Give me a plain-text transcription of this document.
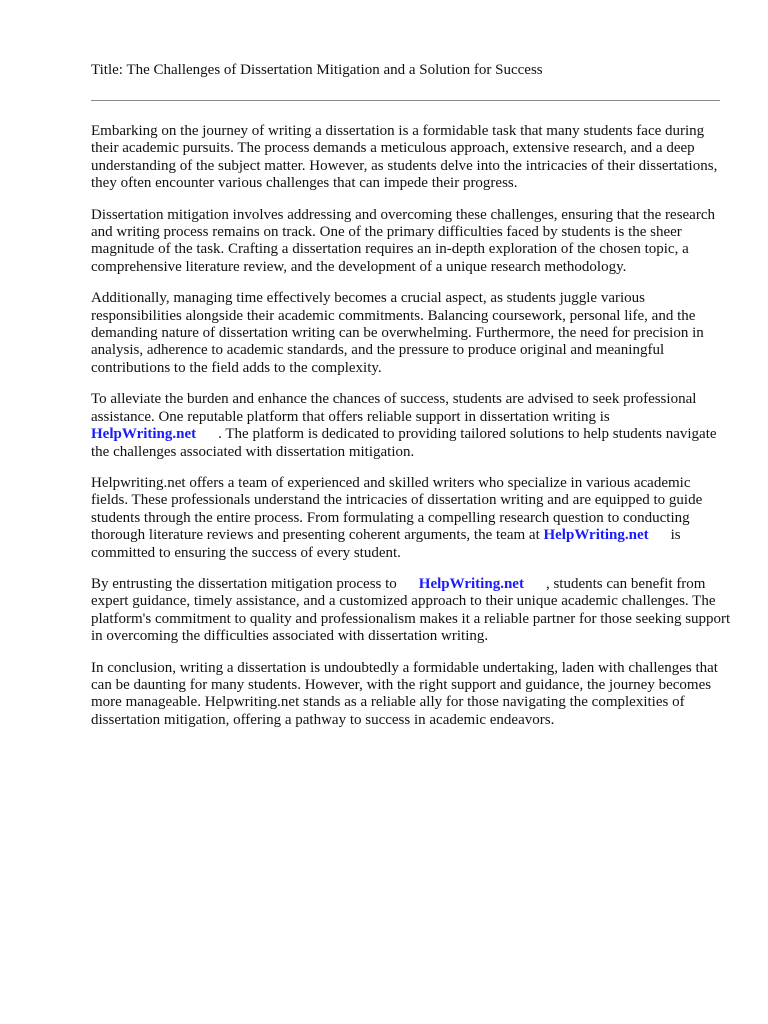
Title: The Challenges of Dissertation Mitigation and a Solution for Success

Embarking on the journey of writing a dissertation is a formidable task that many students face during their academic pursuits. The process demands a meticulous approach, extensive research, and a deep understanding of the subject matter. However, as students delve into the intricacies of their dissertations, they often encounter various challenges that can impede their progress.

Dissertation mitigation involves addressing and overcoming these challenges, ensuring that the research and writing process remains on track. One of the primary difficulties faced by students is the sheer magnitude of the task. Crafting a dissertation requires an in-depth exploration of the chosen topic, a comprehensive literature review, and the development of a unique research methodology.

Additionally, managing time effectively becomes a crucial aspect, as students juggle various responsibilities alongside their academic commitments. Balancing coursework, personal life, and the demanding nature of dissertation writing can be overwhelming. Furthermore, the need for precision in analysis, adherence to academic standards, and the pressure to produce original and meaningful contributions to the field adds to the complexity.

To alleviate the burden and enhance the chances of success, students are advised to seek professional assistance. One reputable platform that offers reliable support in dissertation writing is
HelpWriting.net . The platform is dedicated to providing tailored solutions to help students navigate the challenges associated with dissertation mitigation.

Helpwriting.net offers a team of experienced and skilled writers who specialize in various academic fields. These professionals understand the intricacies of dissertation writing and are equipped to guide students through the entire process. From formulating a compelling research question to conducting thorough literature reviews and presenting coherent arguments, the team at HelpWriting.net is committed to ensuring the success of every student.

By entrusting the dissertation mitigation process to HelpWriting.net , students can benefit from expert guidance, timely assistance, and a customized approach to their unique academic challenges. The platform's commitment to quality and professionalism makes it a reliable partner for those seeking support in overcoming the difficulties associated with dissertation writing.

In conclusion, writing a dissertation is undoubtedly a formidable undertaking, laden with challenges that can be daunting for many students. However, with the right support and guidance, the journey becomes more manageable. Helpwriting.net stands as a reliable ally for those navigating the complexities of dissertation mitigation, offering a pathway to success in academic endeavors.
